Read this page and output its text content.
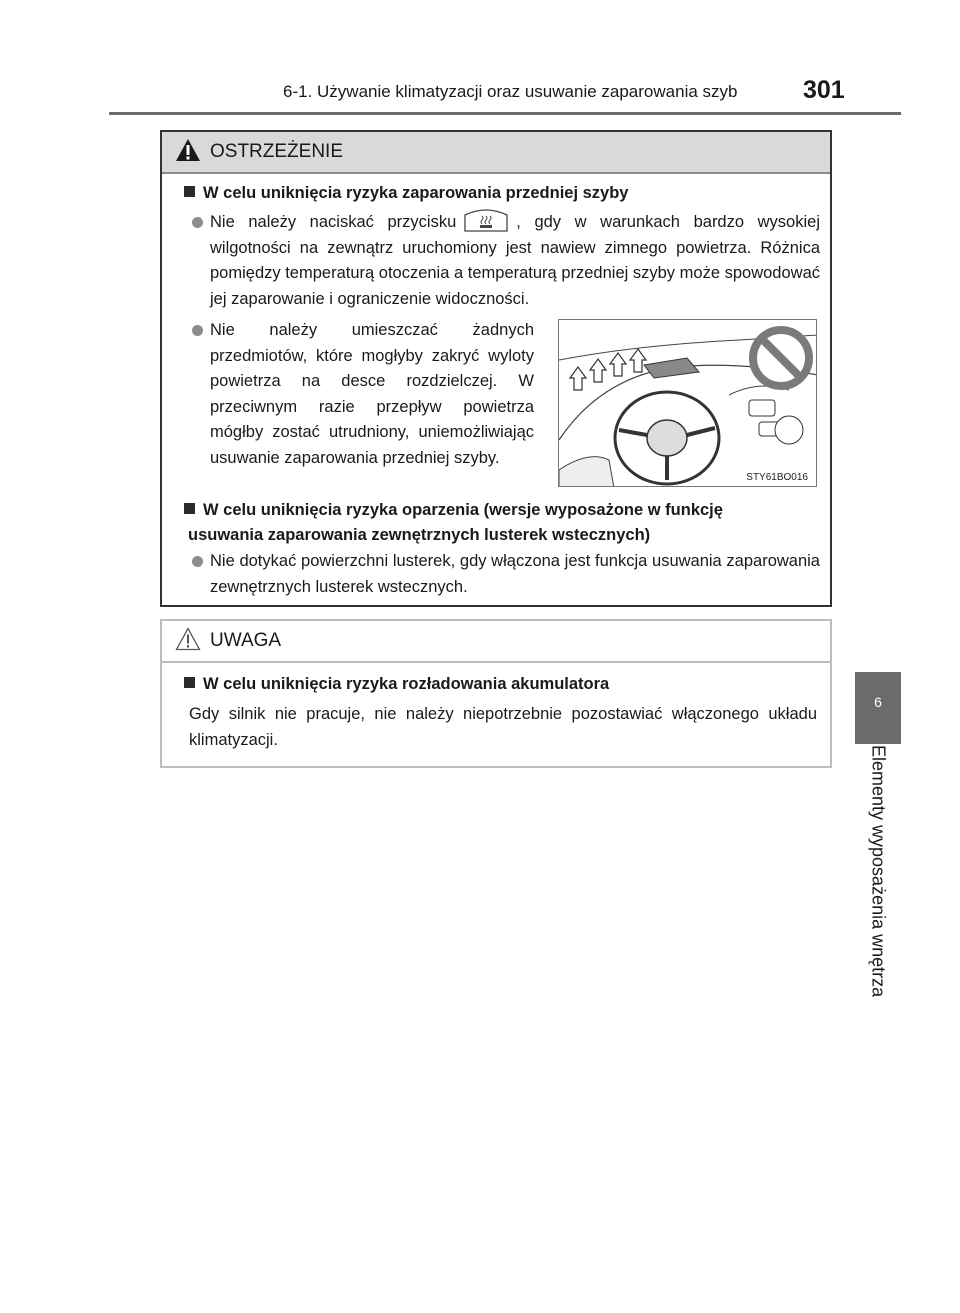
6-1. Używanie klimatyzacji oraz usuwanie zaparowania szyb	301
6
Elementy wyposażenia wnętrza
OSTRZEŻENIE
W celu uniknięcia ryzyka zaparowania przedniej szyby
Nie należy naciskać przycisku	, gdy w warunkach bardzo wysokiej wilgotności na zewnątrz uruchomiony jest nawiew zimnego powietrza. Różnica pomiędzy temperaturą otoczenia a temperaturą przedniej szyby może spowodować jej zaparowanie i ograniczenie widoczności.
Nie należy umieszczać żadnych przedmiotów, które mogłyby zakryć wyloty powietrza na desce rozdzielczej. W przeciwnym razie przepływ powietrza mógłby zostać utrudniony, uniemożliwiając usuwanie zaparowania przedniej szyby.
STY61BO016
W celu uniknięcia ryzyka oparzenia (wersje wyposażone w funkcję
usuwania zaparowania zewnętrznych lusterek wstecznych)
Nie dotykać powierzchni lusterek, gdy włączona jest funkcja usuwania zaparowania zewnętrznych lusterek wstecznych.
UWAGA
W celu uniknięcia ryzyka rozładowania akumulatora
Gdy silnik nie pracuje, nie należy niepotrzebnie pozostawiać włączonego układu klimatyzacji.
